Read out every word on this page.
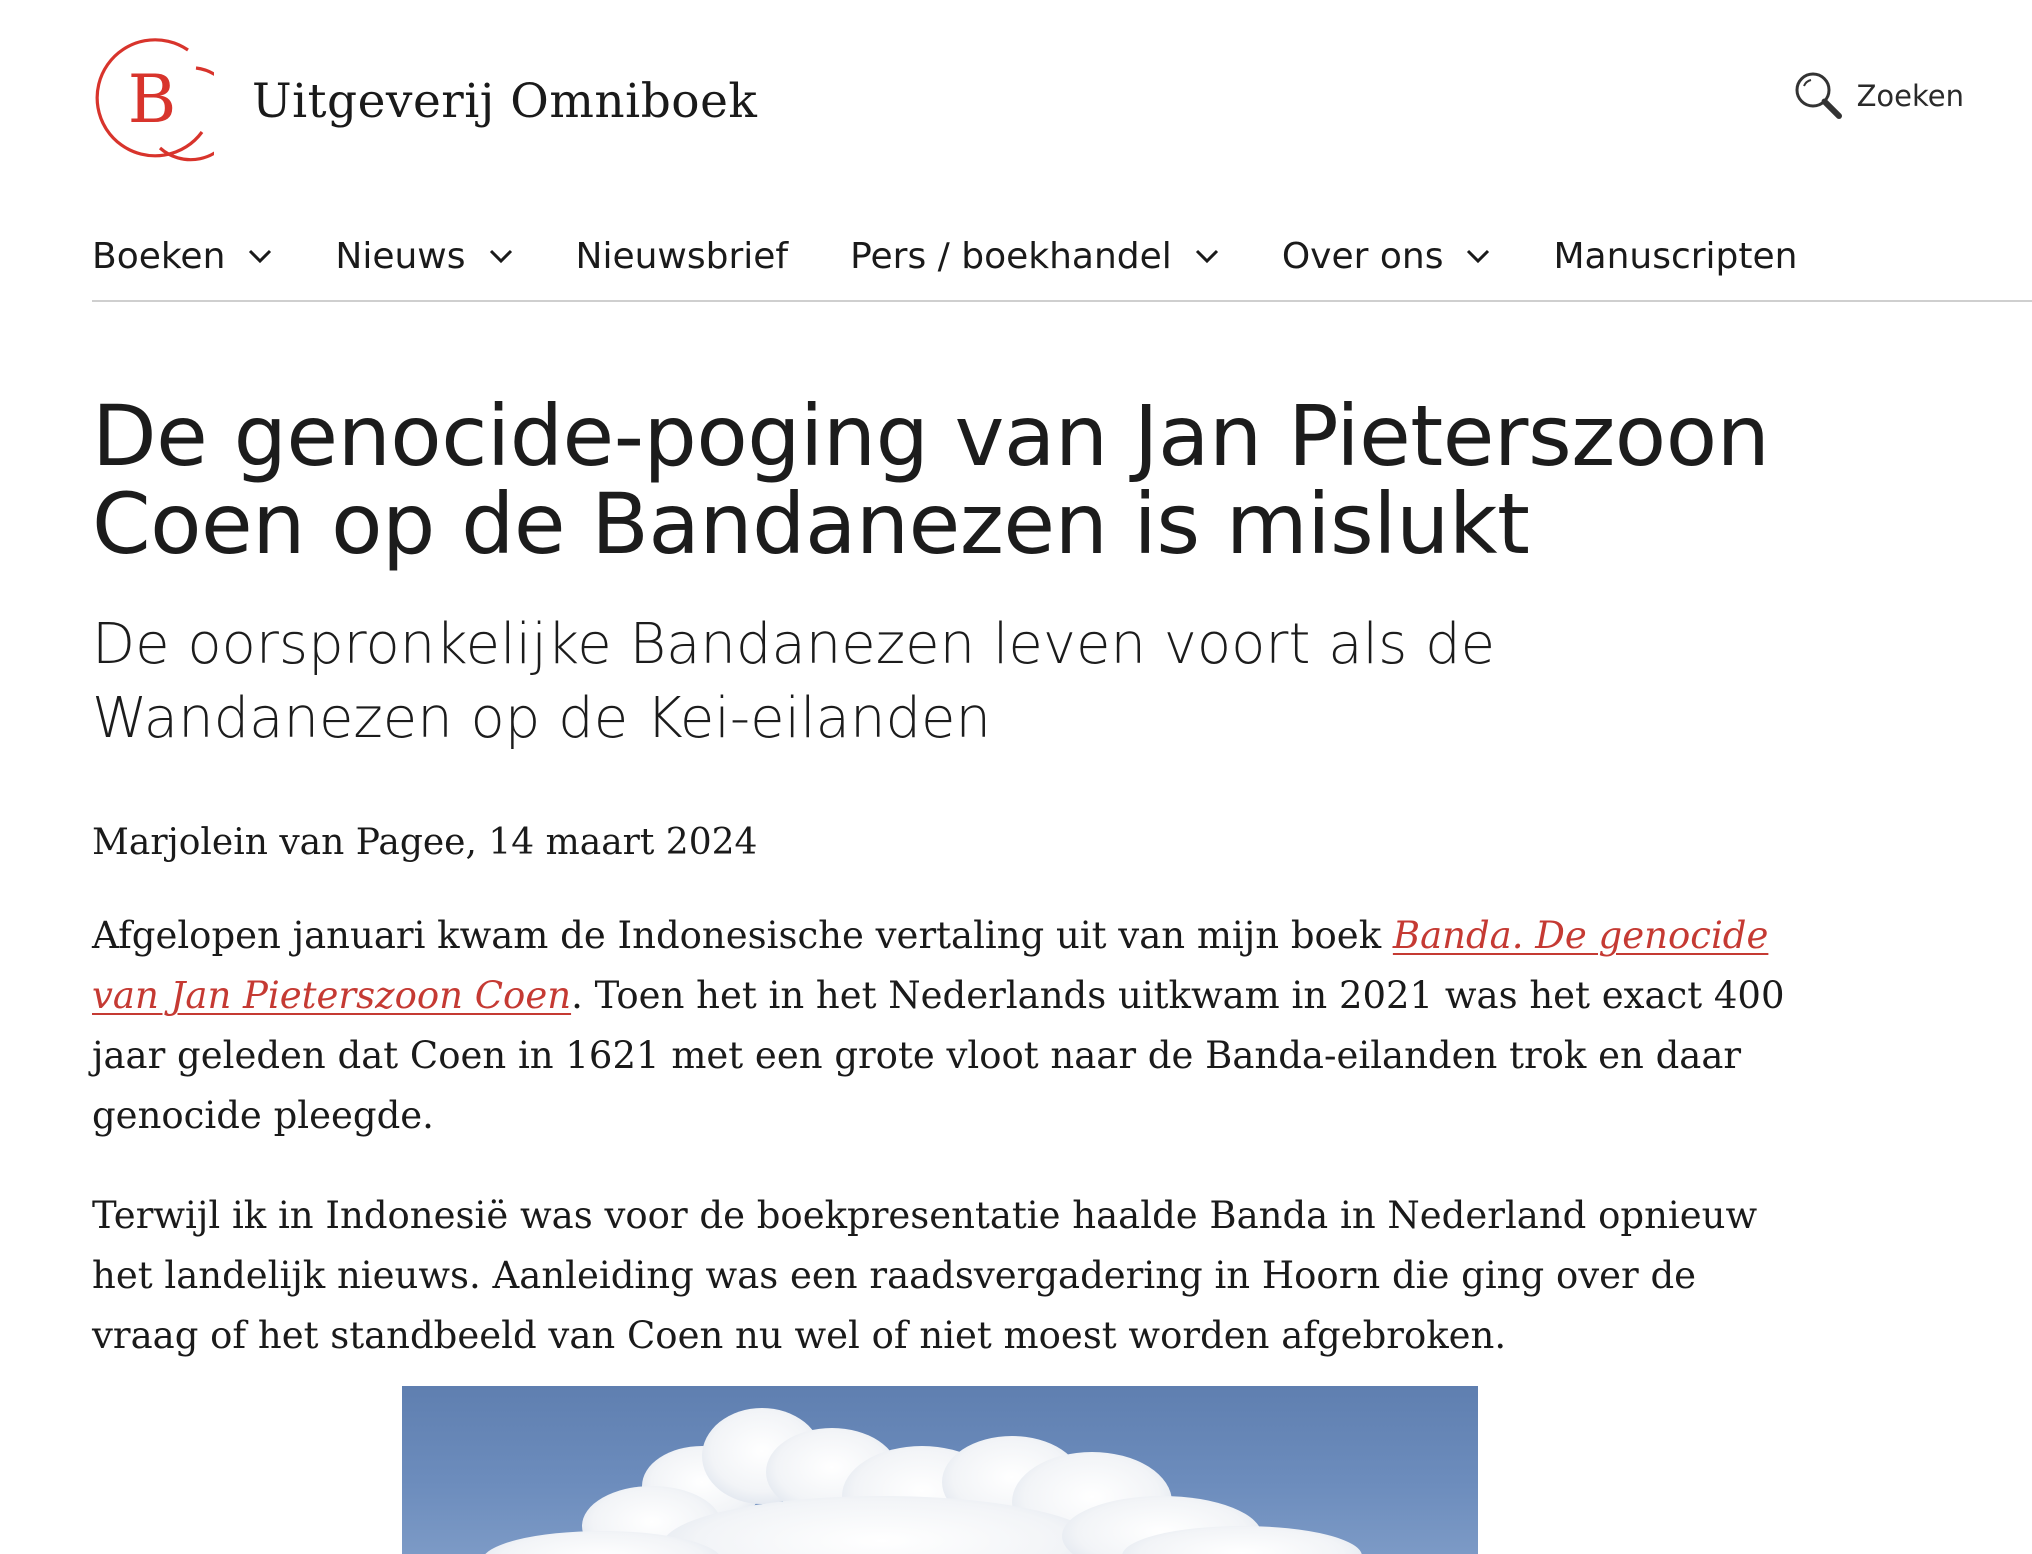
B Uitgeverij Omniboek	Zoeken
Boeken	Nieuws	Nieuwsbrief Pers / boekhandel	Over ons	Manuscripten
De genocide-poging van Jan Pieterszoon Coen op de Bandanezen is mislukt
De oorspronkelijke Bandanezen leven voort als de Wandanezen op de Kei-eilanden

Marjolein van Pagee, 14 maart 2024

Afgelopen januari kwam de Indonesische vertaling uit van mijn boek Banda. De genocide van Jan Pieterszoon Coen. Toen het in het Nederlands uitkwam in 2021 was het exact 400 jaar geleden dat Coen in 1621 met een grote vloot naar de Banda-eilanden trok en daar genocide pleegde.

Terwijl ik in Indonesië was voor de boekpresentatie haalde Banda in Nederland opnieuw het landelijk nieuws. Aanleiding was een raadsvergadering in Hoorn die ging over de vraag of het standbeeld van Coen nu wel of niet moest worden afgebroken.
